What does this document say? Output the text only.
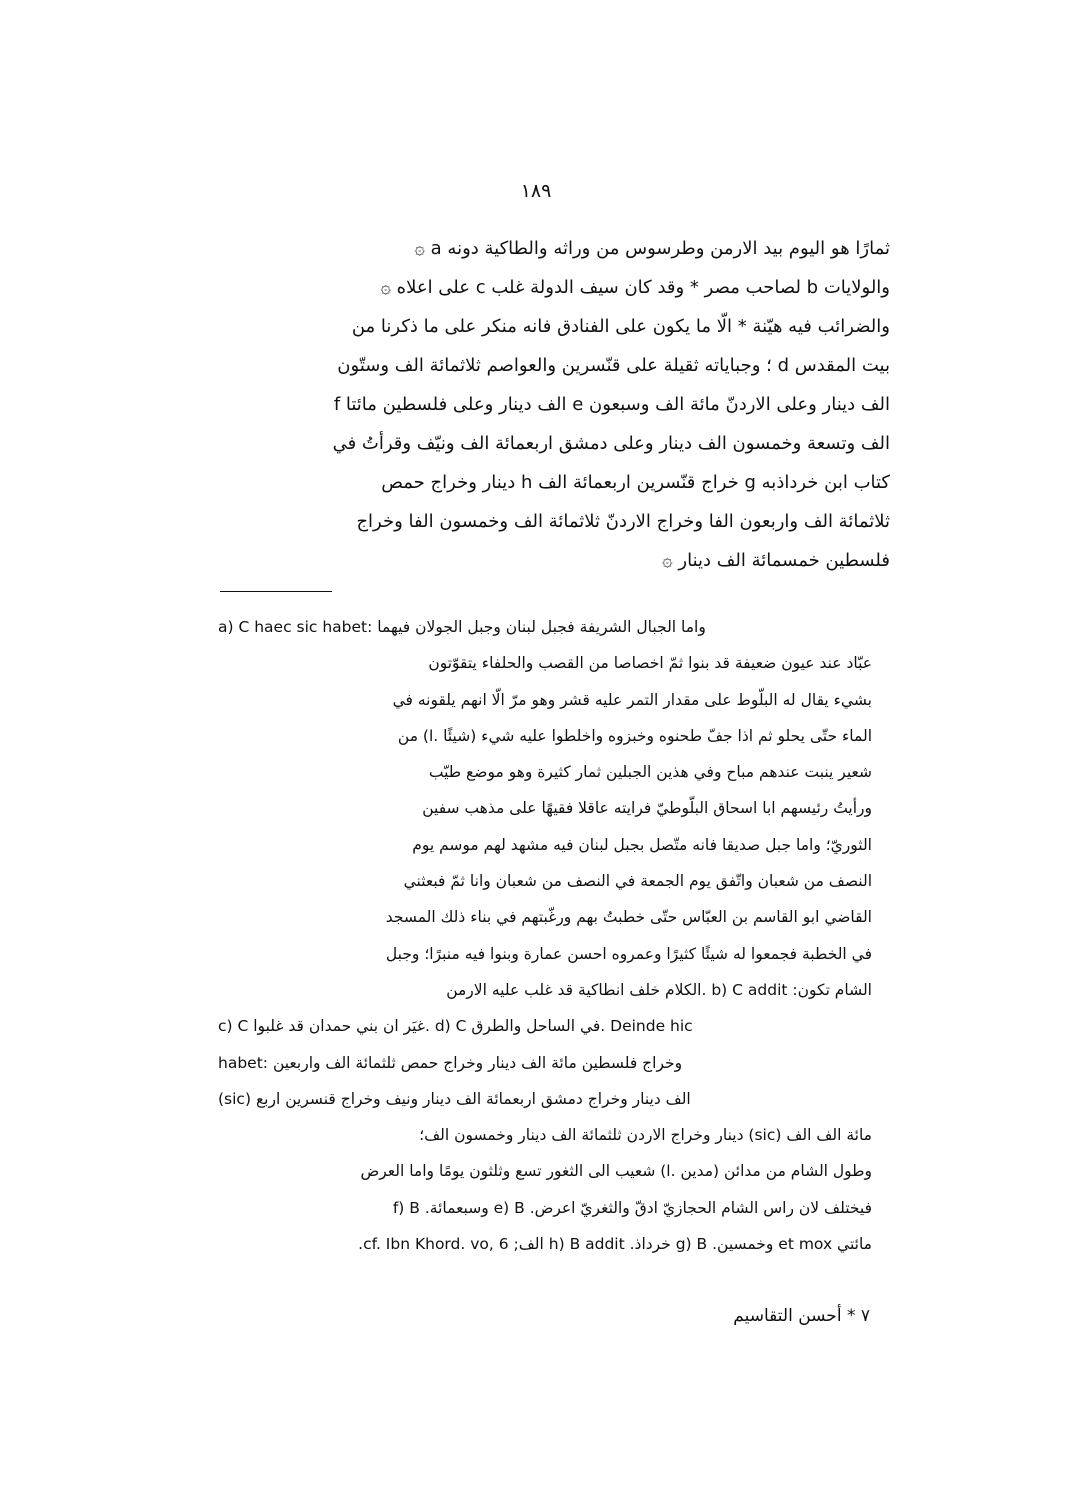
١٨٩
ثمارًا هو اليوم بيد الارمن وطرسوس من وراثه والطاكية دونه a ۞
والولايات b لصاحب مصر * وقد كان سيف الدولة غلب c على اعلاه ۞
والضرائب فيه هيّنة * الّا ما يكون على الفنادق فانه منكر على ما ذكرنا من
بيت المقدس d ؛ وجباياته ثقيلة على قنّسرين والعواصم ثلاثمائة الف وستّون
الف دينار وعلى الاردنّ مائة الف وسبعون e الف دينار وعلى فلسطين مائتا f
الف وتسعة وخمسون الف دينار وعلى دمشق اربعمائة الف ونيّف وقرأتُ في
كتاب ابن خرداذبه g خراج قنّسرين اربعمائة الف h دينار وخراج حمص
ثلاثمائة الف واربعون الفا وخراج الاردنّ ثلاثمائة الف وخمسون الفا وخراج
فلسطين خمسمائة الف دينار ۞
a) C haec sic habet: واما الجبال الشريفة فجبل لبنان وجبل الجولان فيهما
عبّاد عند عيون ضعيفة قد بنوا ثمّ اخصاصا من القصب والحلفاء يتقوّتون
بشيء يقال له البلّوط على مقدار التمر عليه قشر وهو مرّ الّا انهم يلقونه في
الماء حتّى يحلو ثم اذا جفّ طحنوه وخبزوه واخلطوا عليه شيء (شيئًا .l) من
شعير ينبت عندهم مباح وفي هذين الجبلين ثمار كثيرة وهو موضع طيّب
ورأيتُ رئيسهم ابا اسحاق البلّوطيّ فرايته عاقلا فقيهًا على مذهب سفين
الثوريّ؛ واما جبل صديقا فانه متّصل بجبل لبنان فيه مشهد لهم موسم يوم
النصف من شعبان واتّفق يوم الجمعة في النصف من شعبان وانا ثمّ فبعثني
القاضي ابو القاسم بن العبّاس حتّى خطبتُ بهم ورغّبتهم في بناء ذلك المسجد
في الخطبة فجمعوا له شيئًا كثيرًا وعمروه احسن عمارة وبنوا فيه منبرًا؛ وجبل
الشام تكون: b) C addit .الكلام خلف انطاكية قد غلب عليه الارمن
c) C غيَر ان بني حمدان قد غلبوا. d) C في الساحل والطرق. Deinde hic
habet: وخراج فلسطين مائة الف دينار وخراج حمص ثلثمائة الف واربعين
(sic) الف دينار وخراج دمشق اربعمائة الف دينار ونيف وخراج قنسرين اربع
مائة الف الف (sic) دينار وخراج الاردن ثلثمائة الف دينار وخمسون الف؛
وطول الشام من مدائن (مدين .l) شعيب الى الثغور تسع وثلثون يومًا واما العرض
فيختلف لان راس الشام الحجازيّ ادقّ والثغريّ اعرض. e) B وسبعمائة. f) B
مائتي et mox وخمسين. g) B خرداذ. h) B addit الف; cf. Ibn Khord. vo, 6.
٧ * أحسن التقاسيم
